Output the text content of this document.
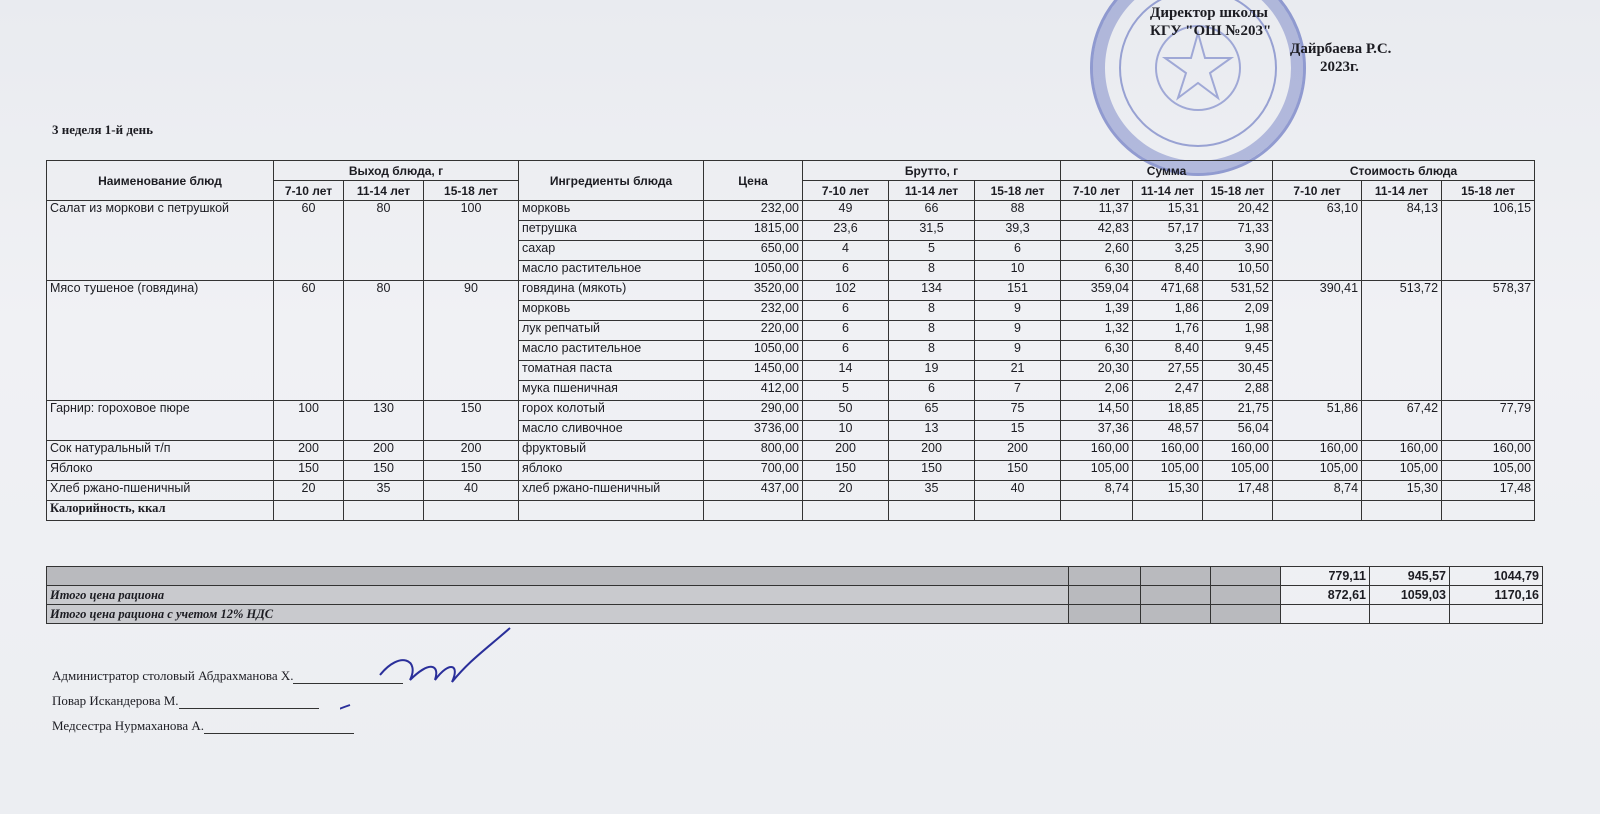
Директор школы
КГУ "ОШ №203"
Дайрбаева Р.С.
2023г.
3 неделя 1-й день
Наименование блюд	Выход блюда, г			Ингредиенты блюда	Цена	Брутто, г			Сумма			Стоимость блюда		
	7-10 лет	11-14 лет	15-18 лет			7-10 лет	11-14 лет	15-18 лет	7-10 лет	11-14 лет	15-18 лет	7-10 лет	11-14 лет	15-18 лет

Салат из моркови с петрушкой	60	80	100	морковь	232,00	49	66	88	11,37	15,31	20,42	63,10	84,13	106,15
				петрушка	1815,00	23,6	31,5	39,3	42,83	57,17	71,33			
				сахар	650,00	4	5	6	2,60	3,25	3,90			
				масло растительное	1050,00	6	8	10	6,30	8,40	10,50			
Мясо тушеное (говядина)	60	80	90	говядина (мякоть)	3520,00	102	134	151	359,04	471,68	531,52	390,41	513,72	578,37
				морковь	232,00	6	8	9	1,39	1,86	2,09			
				лук репчатый	220,00	6	8	9	1,32	1,76	1,98			
				масло растительное	1050,00	6	8	9	6,30	8,40	9,45			
				томатная паста	1450,00	14	19	21	20,30	27,55	30,45			
				мука пшеничная	412,00	5	6	7	2,06	2,47	2,88			
Гарнир: гороховое пюре	100	130	150	горох колотый	290,00	50	65	75	14,50	18,85	21,75	51,86	67,42	77,79
				масло сливочное	3736,00	10	13	15	37,36	48,57	56,04			
Сок натуральный т/п	200	200	200	фруктовый	800,00	200	200	200	160,00	160,00	160,00	160,00	160,00	160,00
Яблоко	150	150	150	яблоко	700,00	150	150	150	105,00	105,00	105,00	105,00	105,00	105,00
Хлеб ржано-пшеничный	20	35	40	хлеб ржано-пшеничный	437,00	20	35	40	8,74	15,30	17,48	8,74	15,30	17,48
Калорийность, ккал														
				779,11	945,57	1044,79
Итого цена рациона				872,61	1059,03	1170,16
Итого цена рациона с учетом 12% НДС						
Администратор столовый Абдрахманова Х.
Повар Искандерова М.
Медсестра Нурмаханова А.
